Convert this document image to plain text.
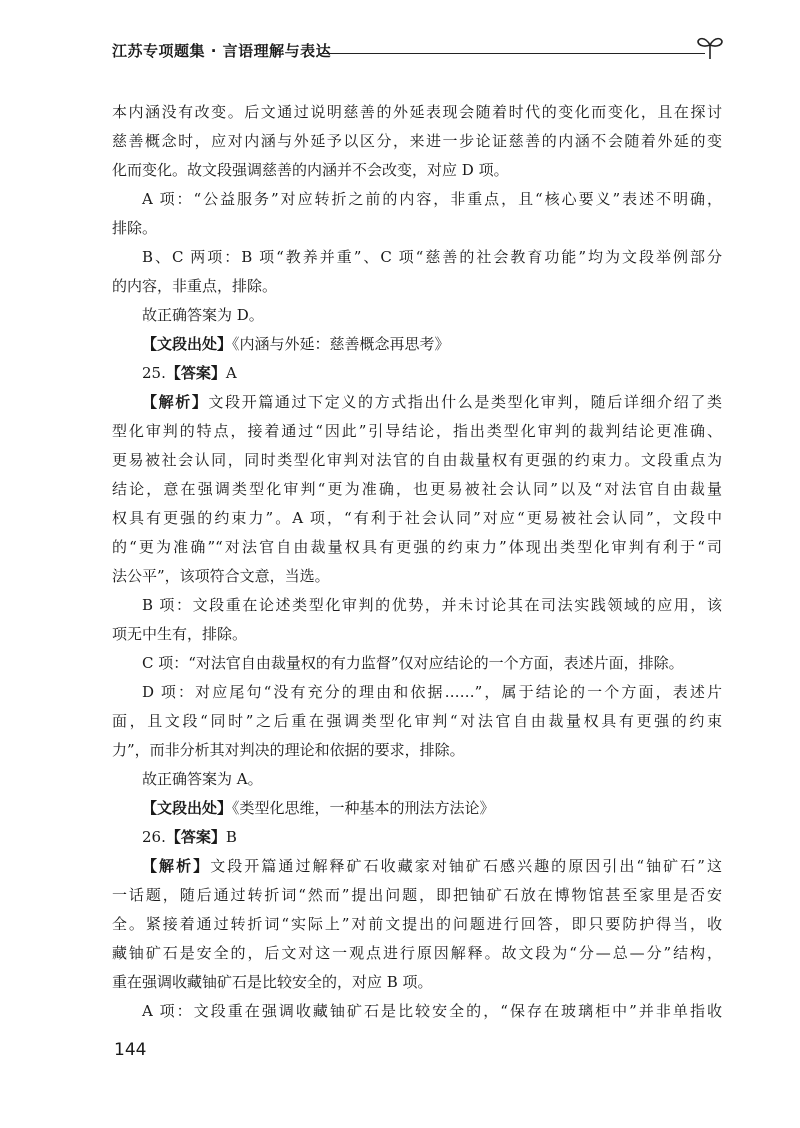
江苏专项题集 · 言语理解与表达

本内涵没有改变。后文通过说明慈善的外延表现会随着时代的变化而变化，且在探讨
慈善概念时，应对内涵与外延予以区分，来进一步论证慈善的内涵不会随着外延的变
化而变化。故文段强调慈善的内涵并不会改变，对应 D 项。

A 项：“公益服务”对应转折之前的内容，非重点，且“核心要义”表述不明确，
排除。

B、C 两项：B 项“教养并重”、C 项“慈善的社会教育功能”均为文段举例部分
的内容，非重点，排除。

故正确答案为 D。

【文段出处】《内涵与外延：慈善概念再思考》

25.【答案】A

【解析】文段开篇通过下定义的方式指出什么是类型化审判，随后详细介绍了类
型化审判的特点，接着通过“因此”引导结论，指出类型化审判的裁判结论更准确、
更易被社会认同，同时类型化审判对法官的自由裁量权有更强的约束力。文段重点为
结论，意在强调类型化审判“更为准确，也更易被社会认同”以及“对法官自由裁量
权具有更强的约束力”。A 项，“有利于社会认同”对应“更易被社会认同”，文段中
的“更为准确”“对法官自由裁量权具有更强的约束力”体现出类型化审判有利于“司
法公平”，该项符合文意，当选。

B 项：文段重在论述类型化审判的优势，并未讨论其在司法实践领域的应用，该
项无中生有，排除。

C 项：“对法官自由裁量权的有力监督”仅对应结论的一个方面，表述片面，排除。

D 项：对应尾句“没有充分的理由和依据……”，属于结论的一个方面，表述片
面，且文段“同时”之后重在强调类型化审判“对法官自由裁量权具有更强的约束
力”，而非分析其对判决的理论和依据的要求，排除。

故正确答案为 A。

【文段出处】《类型化思维，一种基本的刑法方法论》

26.【答案】B

【解析】文段开篇通过解释矿石收藏家对铀矿石感兴趣的原因引出“铀矿石”这
一话题，随后通过转折词“然而”提出问题，即把铀矿石放在博物馆甚至家里是否安
全。紧接着通过转折词“实际上”对前文提出的问题进行回答，即只要防护得当，收
藏铀矿石是安全的，后文对这一观点进行原因解释。故文段为“分—总—分”结构，
重在强调收藏铀矿石是比较安全的，对应 B 项。

A 项：文段重在强调收藏铀矿石是比较安全的，“保存在玻璃柜中”并非单指收

144
